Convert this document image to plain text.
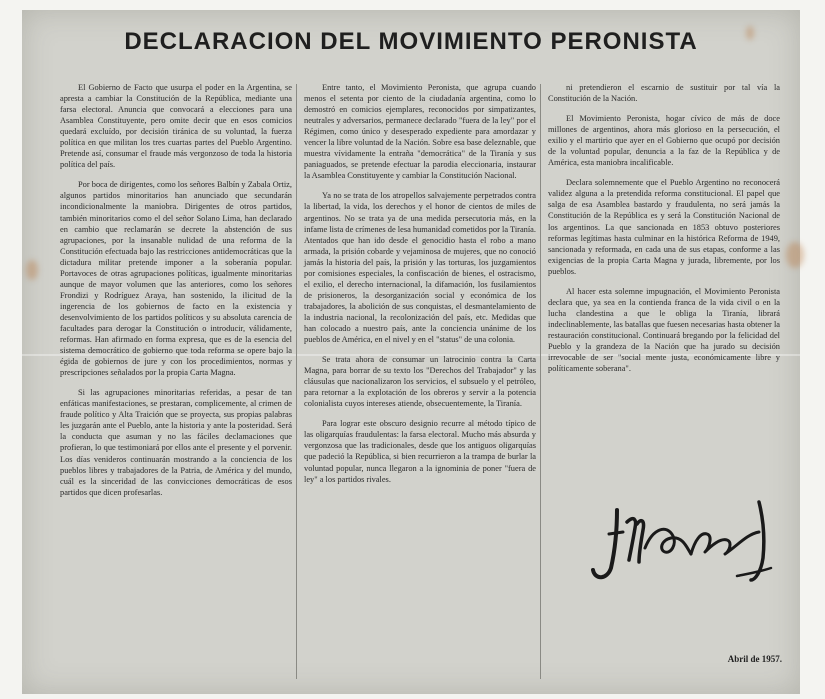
DECLARACION DEL MOVIMIENTO PERONISTA

El Gobierno de Facto que usurpa el poder en la Argentina, se apresta a cambiar la Constitución de la República, mediante una farsa electoral. Anuncia que convocará a elecciones para una Asamblea Constituyente, pero omite decir que en esos comicios quedará excluído, por decisión tiránica de su voluntad, la fuerza política en que militan los tres cuartas partes del Pueblo Argentino. Pretende así, consumar el fraude más vergonzoso de toda la historia política del país.

Por boca de dirigentes, como los señores Balbín y Zabala Ortiz, algunos partidos minoritarios han anunciado que secundarán incondicionalmente la maniobra. Dirigentes de otros partidos, también minoritarios como el del señor Solano Lima, han declarado en cambio que reclamarán se decrete la abstención de sus agrupaciones, por la insanable nulidad de una reforma de la Constitución efectuada bajo las restricciones antidemocráticas que la dictadura militar pretende imponer a la soberanía popular. Portavoces de otras agrupaciones políticas, igualmente minoritarias aunque de mayor volumen que las anteriores, como los señores Frondizi y Rodríguez Araya, han sostenido, la ilicitud de la ingerencia de los gobiernos de facto en la existencia y desenvolvimiento de los partidos políticos y su absoluta carencia de facultades para derogar la Constitución o introducir, válidamente, reformas. Han afirmado en forma expresa, que es de la esencia del sistema democrático de gobierno que toda reforma se opere bajo la égida de gobiernos de jure y con los procedimientos, normas y prescripciones señalados por la propia Carta Magna.

Si las agrupaciones minoritarias referidas, a pesar de tan enfáticas manifestaciones, se prestaran, complicemente, al crimen de fraude político y Alta Traición que se proyecta, sus propias palabras les juzgarán ante el Pueblo, ante la historia y ante la posteridad. Será la conducta que asuman y no las fáciles declamaciones que profieran, lo que testimoniará por ellos ante el presente y el porvenir. Los días venideros continuarán mostrando a la conciencia de los pueblos libres y trabajadores de la Patria, de América y del mundo, cuál es la sinceridad de las convicciones democráticas de esos partidos que dicen profesarlas.

Entre tanto, el Movimiento Peronista, que agrupa cuando menos el setenta por ciento de la ciudadanía argentina, como lo demostró en comicios ejemplares, reconocidos por simpatizantes, neutrales y adversarios, permanece declarado "fuera de la ley" por el Régimen, como único y desesperado expediente para amordazar y vencer la libre voluntad de la Nación. Sobre esa base deleznable, que muestra vívidamente la entraña "democrática" de la Tiranía y sus paniaguados, se pretende efectuar la parodia eleccionaria, instaurar la Asamblea Constituyente y cambiar la Constitución Nacional.

Ya no se trata de los atropellos salvajemente perpetrados contra la libertad, la vida, los derechos y el honor de cientos de miles de argentinos. No se trata ya de una medida persecutoria más, en la infame lista de crímenes de lesa humanidad cometidos por la Tiranía. Atentados que han ido desde el genocidio hasta el robo a mano armada, la prisión cobarde y vejaminosa de mujeres, que no conoció jamás la historia del país, la prisión y las torturas, los juzgamientos por comisiones especiales, la confiscación de bienes, el ostracismo, el exilio, el derecho internacional, la difamación, los fusilamientos de prisioneros, la desorganización social y económica de los trabajadores, la abolición de sus conquistas, el desmantelamiento de la industria nacional, la recolonización del país, etc. Medidas que han colocado a nuestro país, ante la conciencia unánime de los pueblos de América, en el nivel y en el "status" de una colonia.

Se trata ahora de consumar un latrocinio contra la Carta Magna, para borrar de su texto los "Derechos del Trabajador" y las cláusulas que nacionalizaron los servicios, el subsuelo y el petróleo, para retornar a la explotación de los obreros y servir a la potencia colonialista cuyos intereses atiende, obsecuentemente, la Tiranía.

Para lograr este obscuro designio recurre al método típico de las oligarquías fraudulentas: la farsa electoral. Mucho más absurda y vergonzosa que las tradicionales, desde que los antiguos oligarquías que padeció la República, si bien recurrieron a la trampa de burlar la voluntad popular, nunca llegaron a la ignominia de poner "fuera de ley" a los partidos rivales.

ni pretendieron el escarnio de sustituir por tal vía la Constitución de la Nación.

El Movimiento Peronista, hogar cívico de más de doce millones de argentinos, ahora más glorioso en la persecución, el exilio y el martirio que ayer en el Gobierno que ocupó por decisión de la voluntad popular, denuncia a la faz de la República y de América, esta maniobra incalificable.

Declara solemnemente que el Pueblo Argentino no reconocerá validez alguna a la pretendida reforma constitucional. El papel que salga de esa Asamblea bastardo y fraudulenta, no será jamás la Constitución de la República es y será la Constitución Nacional de los argentinos. La que sancionada en 1853 obtuvo posteriores reformas legítimas hasta culminar en la histórica Reforma de 1949, sancionada y reformada, en cada una de sus etapas, conforme a las exigencias de la propia Carta Magna y jurada, libremente, por los pueblos.

Al hacer esta solemne impugnación, el Movimiento Peronista declara que, ya sea en la contienda franca de la vida civil o en la lucha clandestina a que le obliga la Tiranía, librará indeclinablemente, las batallas que fuesen necesarias hasta obtener la restauración constitucional. Continuará bregando por la felicidad del Pueblo y la grandeza de la Nación que ha jurado su decisión irrevocable de ser "social mente justa, económicamente libre y políticamente soberana".

Abril de 1957.
